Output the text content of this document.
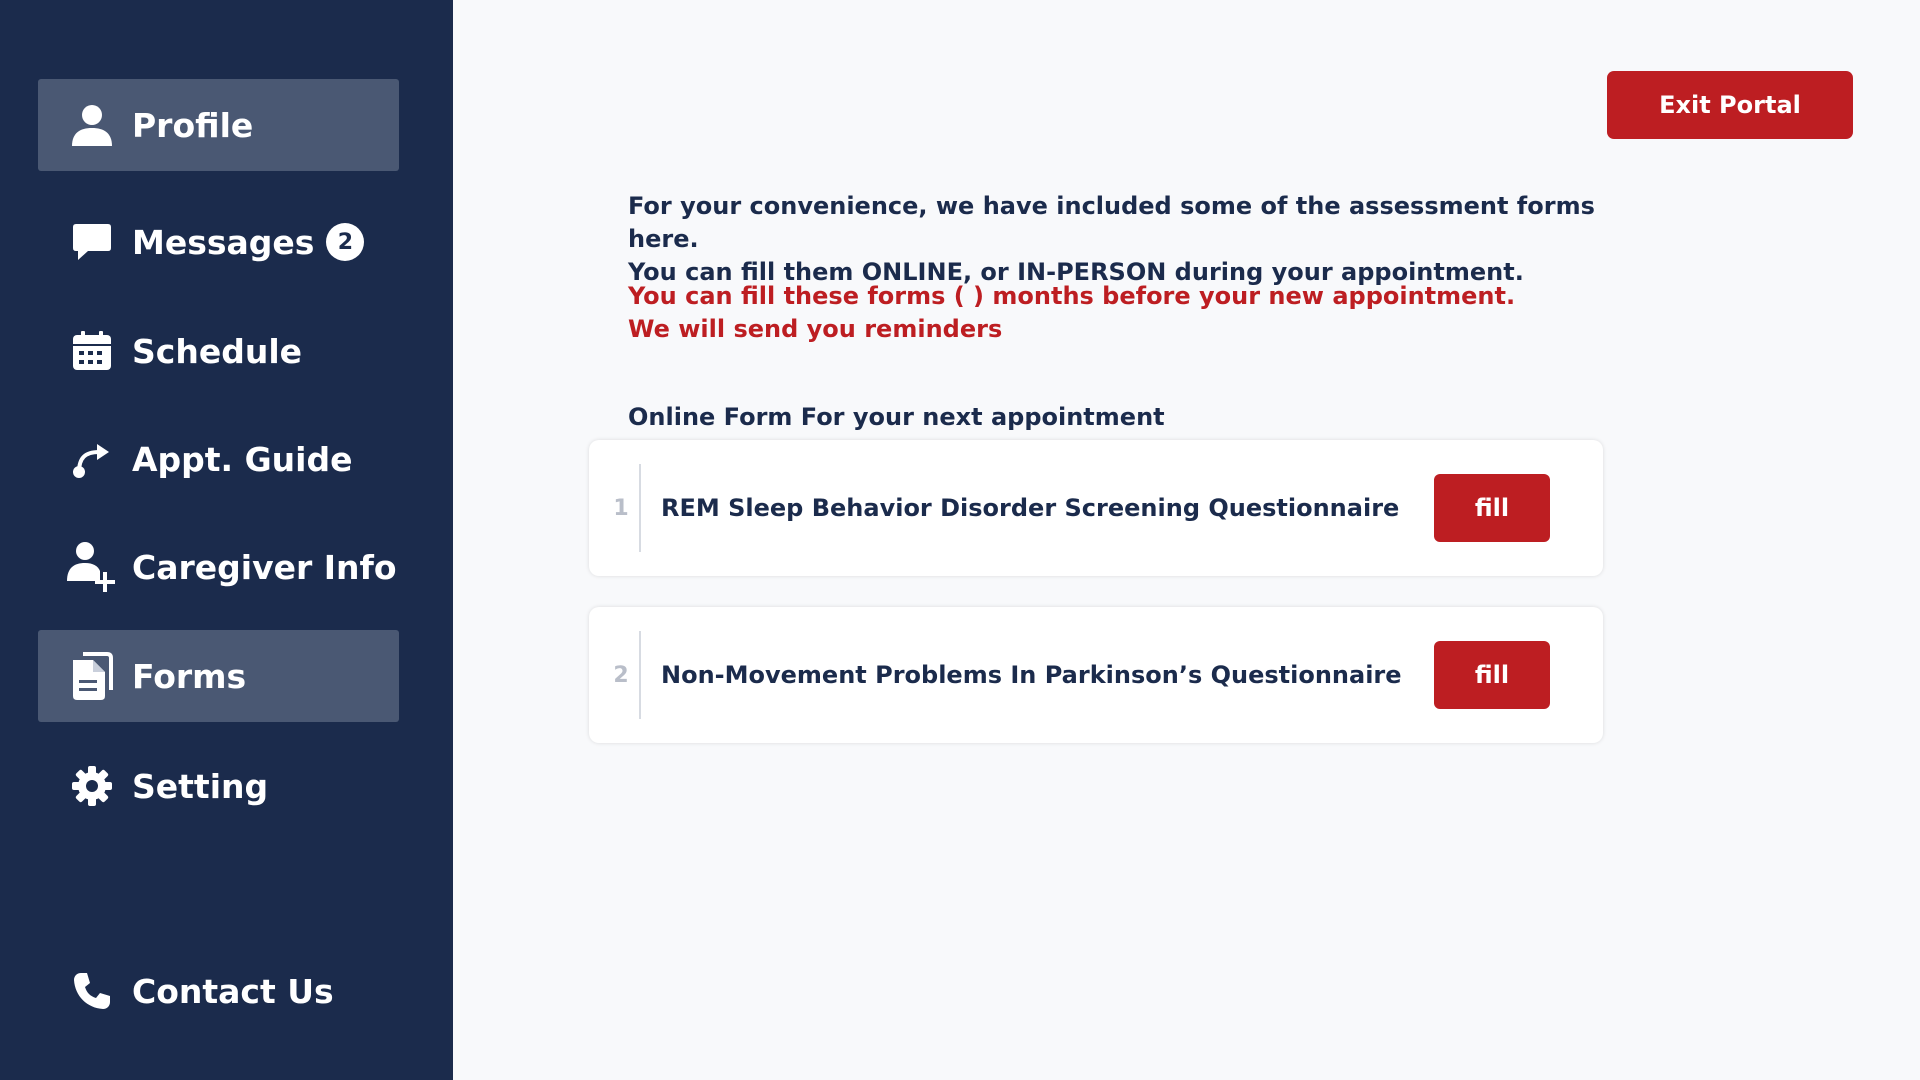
Profile
Messages	2
Schedule
Appt. Guide
Caregiver Info
Forms
Setting
Contact Us
Exit Portal
For your convenience, we have included some of the assessment forms here.
You can fill them ONLINE, or IN-PERSON during your appointment.
You can fill these forms ( ) months before your new appointment.
We will send you reminders
Online Form For your next appointment
1 REM Sleep Behavior Disorder Screening Questionnaire	fill
2 Non-Movement Problems In Parkinson’s Questionnaire	fill
